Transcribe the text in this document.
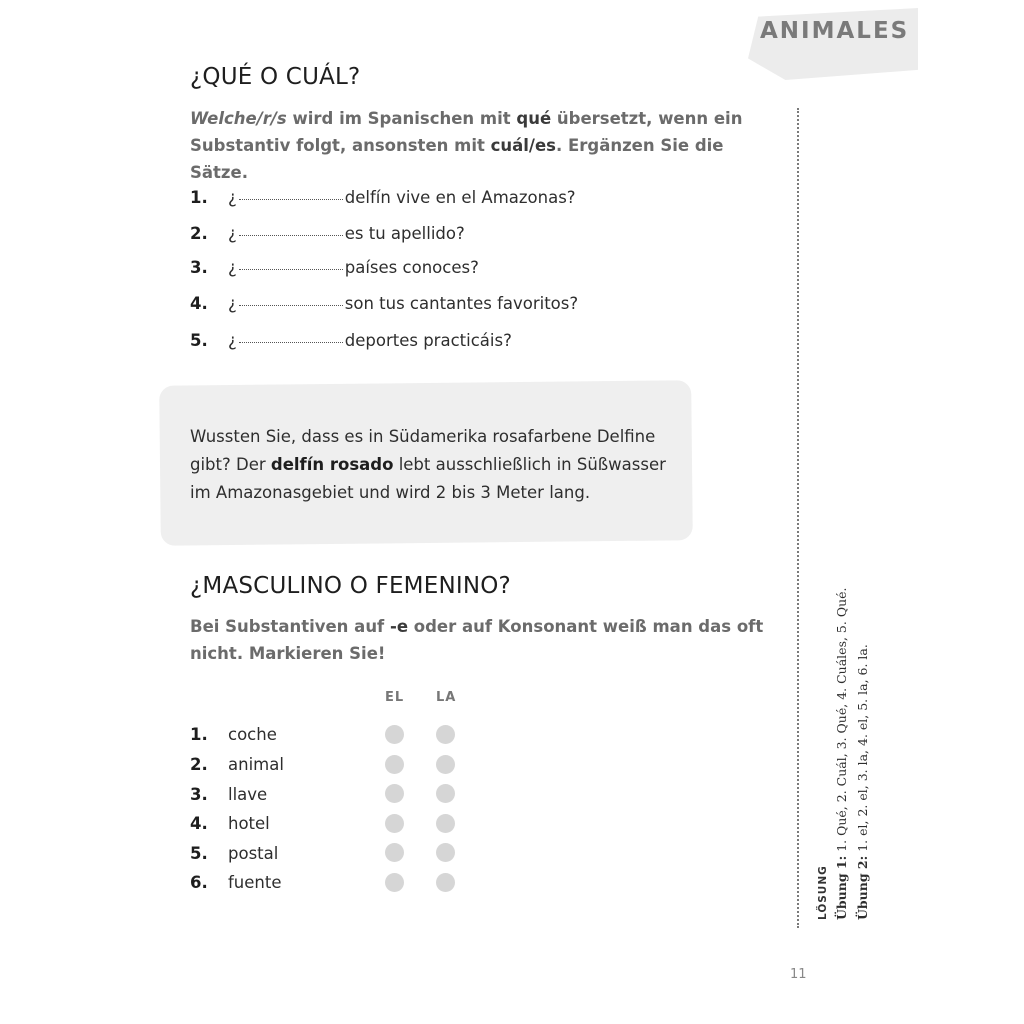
ANIMALES
¿QUÉ O CUÁL?
Welche/r/s wird im Spanischen mit qué übersetzt, wenn ein
Substantiv folgt, ansonsten mit cuál/es. Ergänzen Sie die Sätze.
1.	¿	delfín vive en el Amazonas?
2.	¿	es tu apellido?
3.	¿	países conoces?
4.	¿	son tus cantantes favoritos?
5.	¿	deportes practicáis?
Wussten Sie, dass es in Südamerika rosafarbene Delfine
gibt? Der delfín rosado lebt ausschließlich in Süßwasser
im Amazonasgebiet und wird 2 bis 3 Meter lang.
¿MASCULINO O FEMENINO?
Bei Substantiven auf -e oder auf Konsonant weiß man das oft
nicht. Markieren Sie!
EL LA
1.	coche
2.	animal
3.	llave
4.	hotel
5.	postal
6.	fuente	LÖSUNG Übung 1: 1. Qué, 2. Cuál, 3. Qué, 4. Cuáles, 5. Qué.
Übung 2: 1. el, 2. el, 3. la, 4. el, 5. la, 6. la.
11
